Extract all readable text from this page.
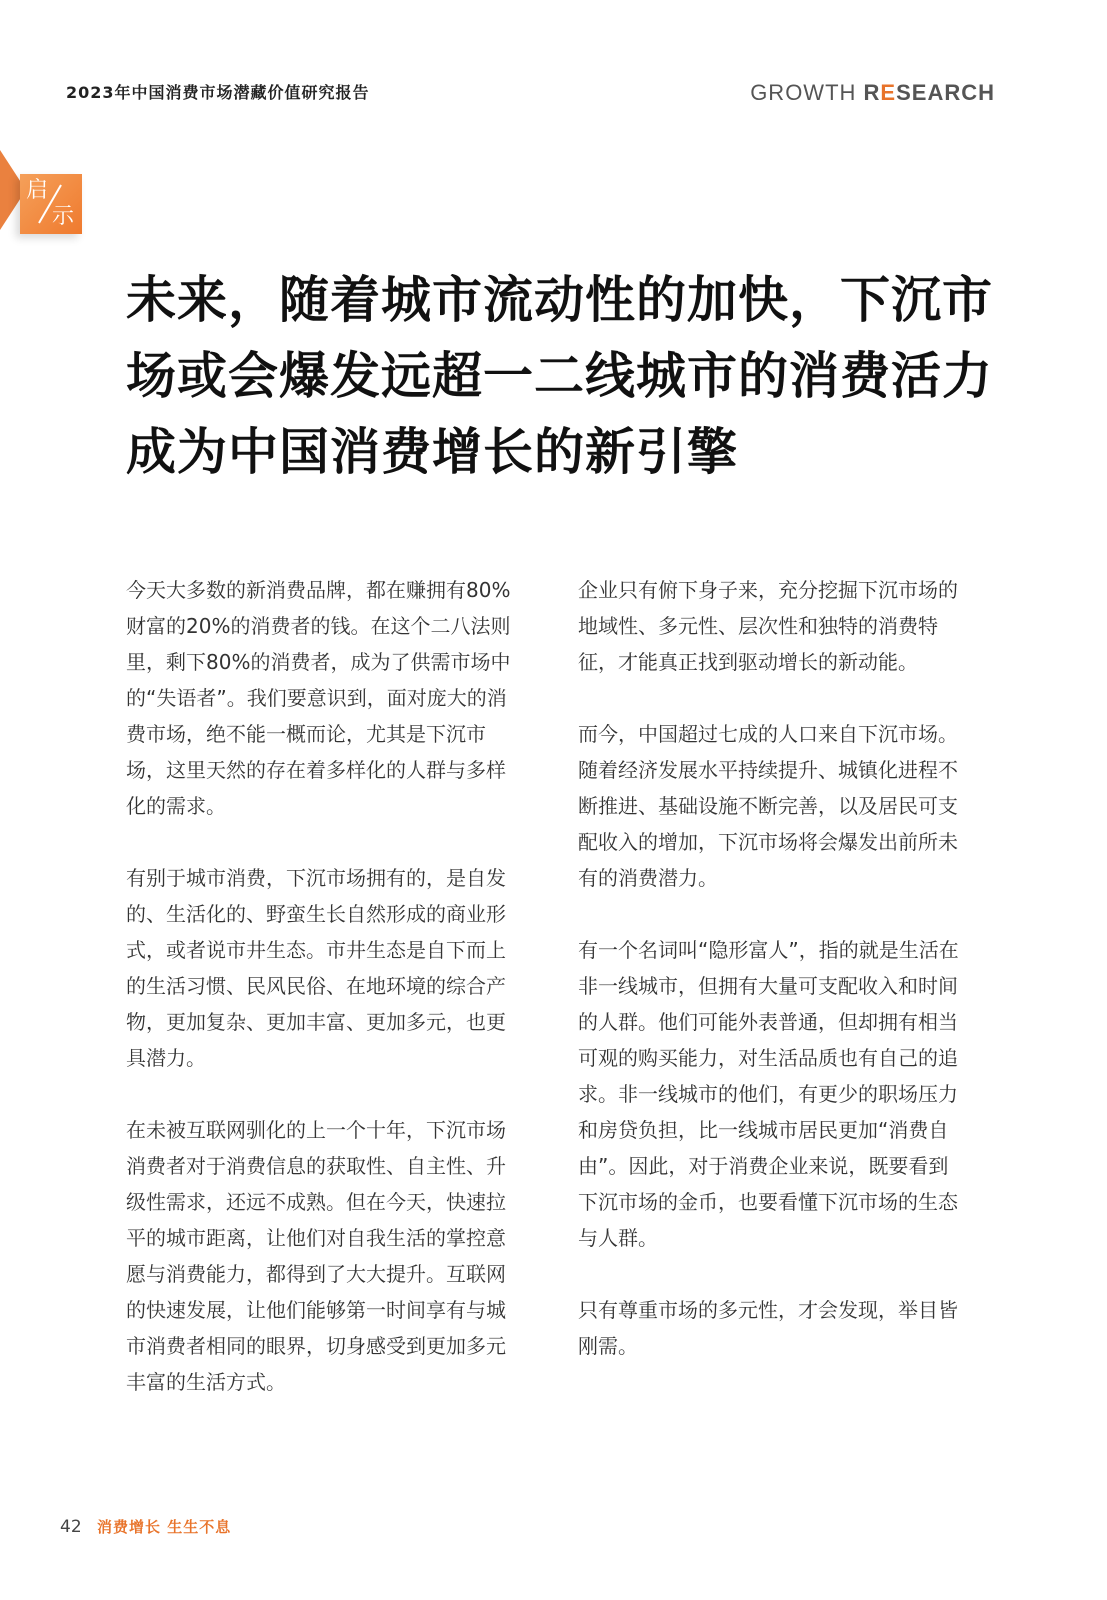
2023年中国消费市场潜藏价值研究报告	GROWTH RESEARCH
启
示
未来，随着城市流动性的加快，下沉市
场或会爆发远超一二线城市的消费活力
成为中国消费增长的新引擎

今天大多数的新消费品牌，都在赚拥有80%财富的20%的消费者的钱。在这个二八法则里，剩下80%的消费者，成为了供需市场中的“失语者”。我们要意识到，面对庞大的消费市场，绝不能一概而论，尤其是下沉市场，这里天然的存在着多样化的人群与多样化的需求。

有别于城市消费，下沉市场拥有的，是自发的、生活化的、野蛮生长自然形成的商业形式，或者说市井生态。市井生态是自下而上的生活习惯、民风民俗、在地环境的综合产物，更加复杂、更加丰富、更加多元，也更具潜力。

在未被互联网驯化的上一个十年，下沉市场消费者对于消费信息的获取性、自主性、升级性需求，还远不成熟。但在今天，快速拉平的城市距离，让他们对自我生活的掌控意愿与消费能力，都得到了大大提升。互联网的快速发展，让他们能够第一时间享有与城市消费者相同的眼界，切身感受到更加多元丰富的生活方式。

企业只有俯下身子来，充分挖掘下沉市场的地域性、多元性、层次性和独特的消费特征，才能真正找到驱动增长的新动能。

而今，中国超过七成的人口来自下沉市场。随着经济发展水平持续提升、城镇化进程不断推进、基础设施不断完善，以及居民可支配收入的增加，下沉市场将会爆发出前所未有的消费潜力。

有一个名词叫“隐形富人”，指的就是生活在非一线城市，但拥有大量可支配收入和时间的人群。他们可能外表普通，但却拥有相当可观的购买能力，对生活品质也有自己的追求。非一线城市的他们，有更少的职场压力和房贷负担，比一线城市居民更加“消费自由”。因此，对于消费企业来说，既要看到下沉市场的金币，也要看懂下沉市场的生态与人群。

只有尊重市场的多元性，才会发现，举目皆刚需。

42 消费增长 生生不息
